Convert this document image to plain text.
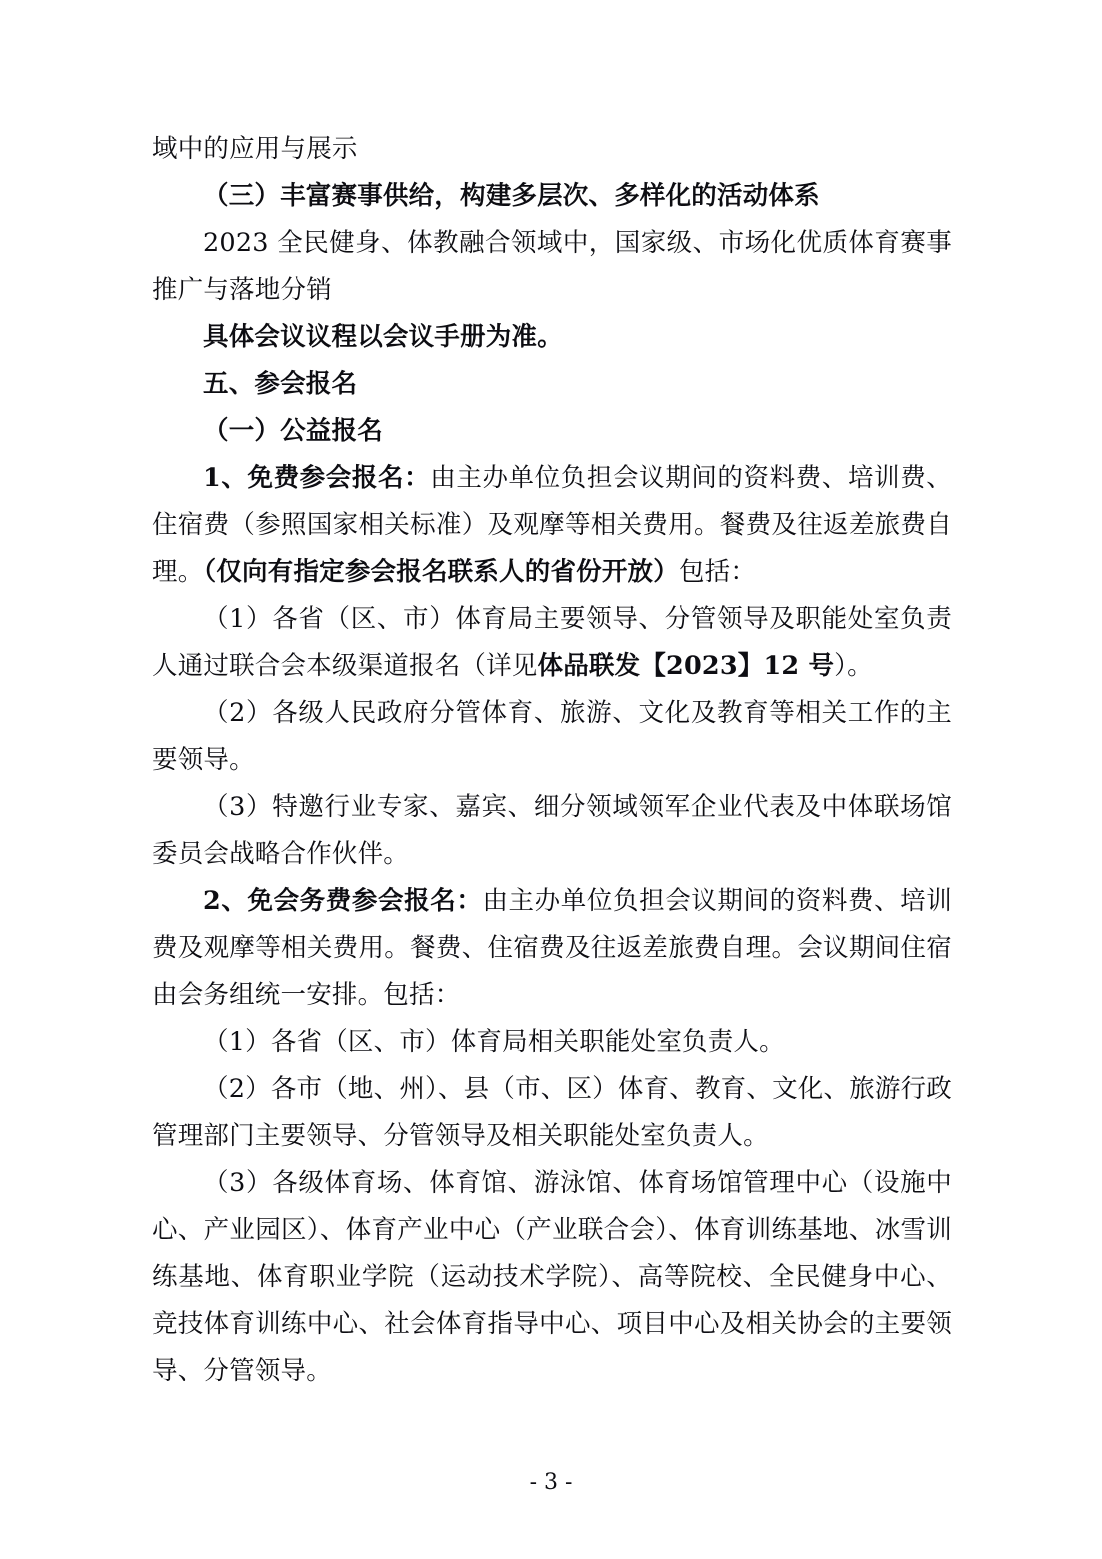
域中的应用与展示

（三）丰富赛事供给，构建多层次、多样化的活动体系

2023 全民健身、体教融合领域中，国家级、市场化优质体育赛事推广与落地分销

具体会议议程以会议手册为准。

五、参会报名

（一）公益报名

1、免费参会报名：由主办单位负担会议期间的资料费、培训费、住宿费（参照国家相关标准）及观摩等相关费用。餐费及往返差旅费自理。（仅向有指定参会报名联系人的省份开放）包括：

（1）各省（区、市）体育局主要领导、分管领导及职能处室负责人通过联合会本级渠道报名（详见体品联发【2023】12 号）。

（2）各级人民政府分管体育、旅游、文化及教育等相关工作的主要领导。

（3）特邀行业专家、嘉宾、细分领域领军企业代表及中体联场馆委员会战略合作伙伴。

2、免会务费参会报名：由主办单位负担会议期间的资料费、培训费及观摩等相关费用。餐费、住宿费及往返差旅费自理。会议期间住宿由会务组统一安排。包括：

（1）各省（区、市）体育局相关职能处室负责人。

（2）各市（地、州）、县（市、区）体育、教育、文化、旅游行政管理部门主要领导、分管领导及相关职能处室负责人。

（3）各级体育场、体育馆、游泳馆、体育场馆管理中心（设施中心、产业园区）、体育产业中心（产业联合会）、体育训练基地、冰雪训练基地、体育职业学院（运动技术学院）、高等院校、全民健身中心、竞技体育训练中心、社会体育指导中心、项目中心及相关协会的主要领导、分管领导。

- 3 -
